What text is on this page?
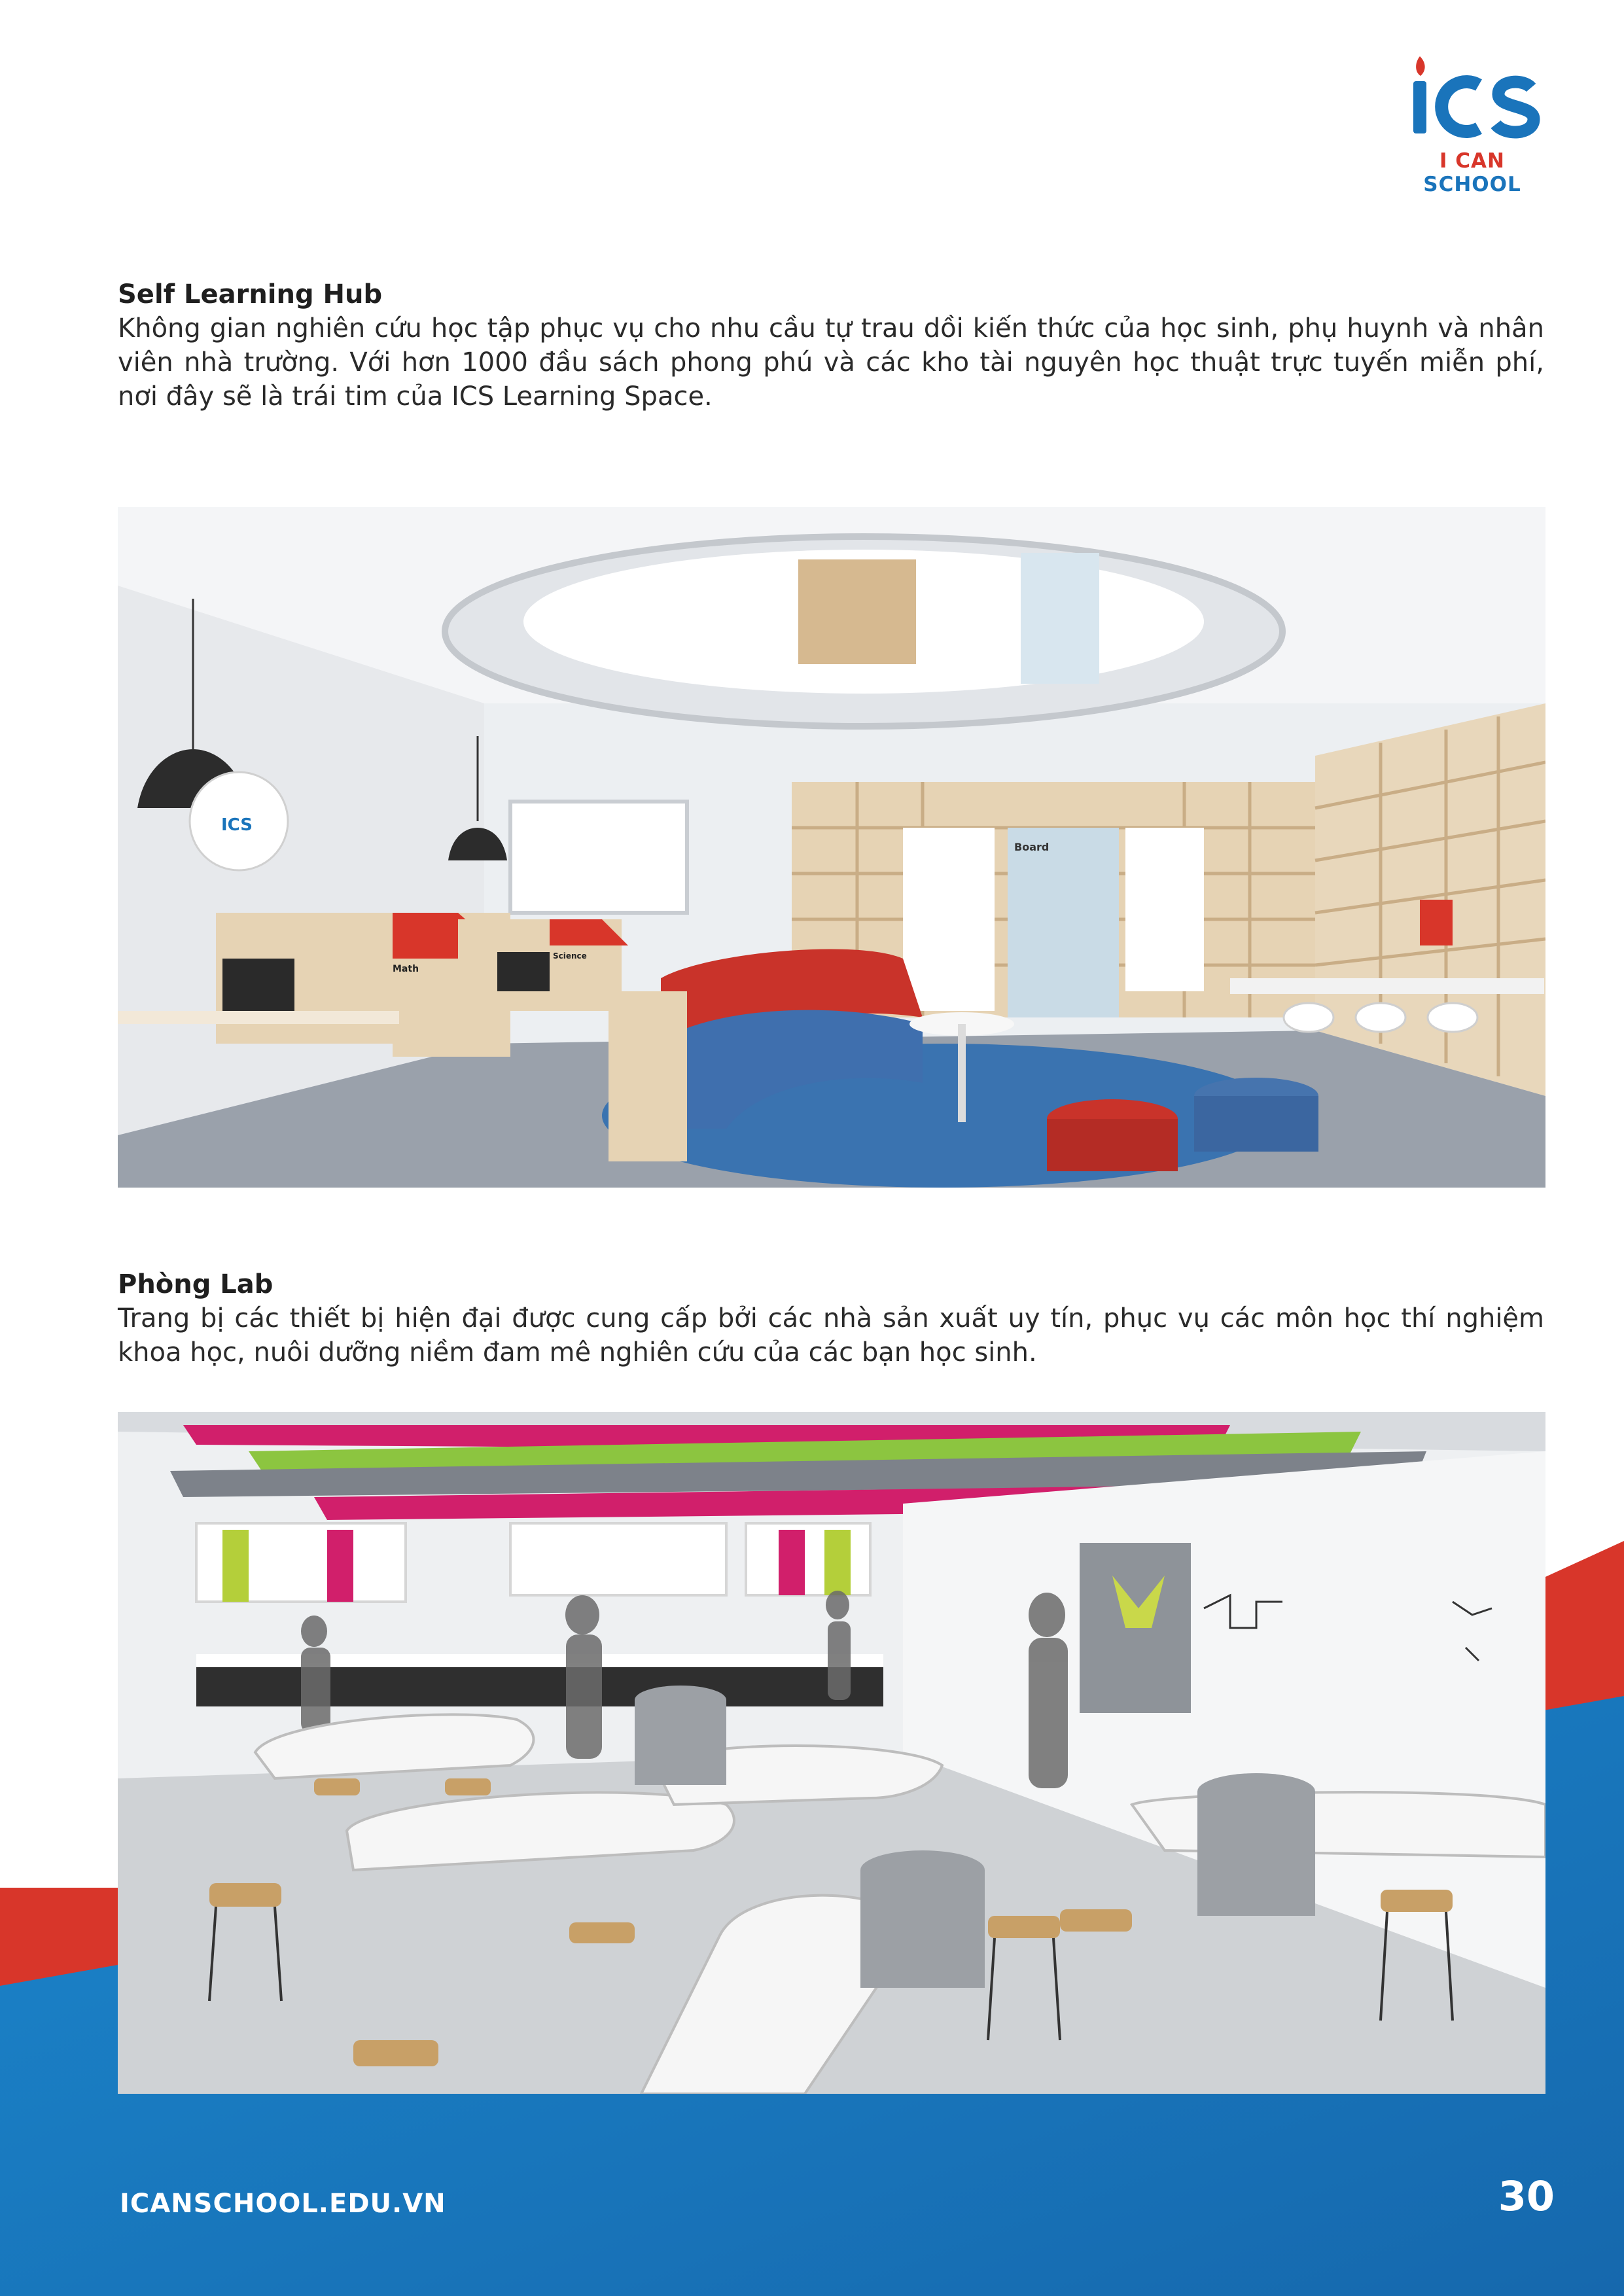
I CAN SCHOOL

Self Learning Hub

Không gian nghiên cứu học tập phục vụ cho nhu cầu tự trau dồi kiến thức của học sinh, phụ huynh và nhân viên nhà trường. Với hơn 1000 đầu sách phong phú và các kho tài nguyên học thuật trực tuyến miễn phí, nơi đây sẽ là trái tim của ICS Learning Space.

Board
Math
Science
ICS

Phòng Lab

Trang bị các thiết bị hiện đại được cung cấp bởi các nhà sản xuất uy tín, phục vụ các môn học thí nghiệm khoa học, nuôi dưỡng niềm đam mê nghiên cứu của các bạn học sinh.

ICANSCHOOL.EDU.VN	30
